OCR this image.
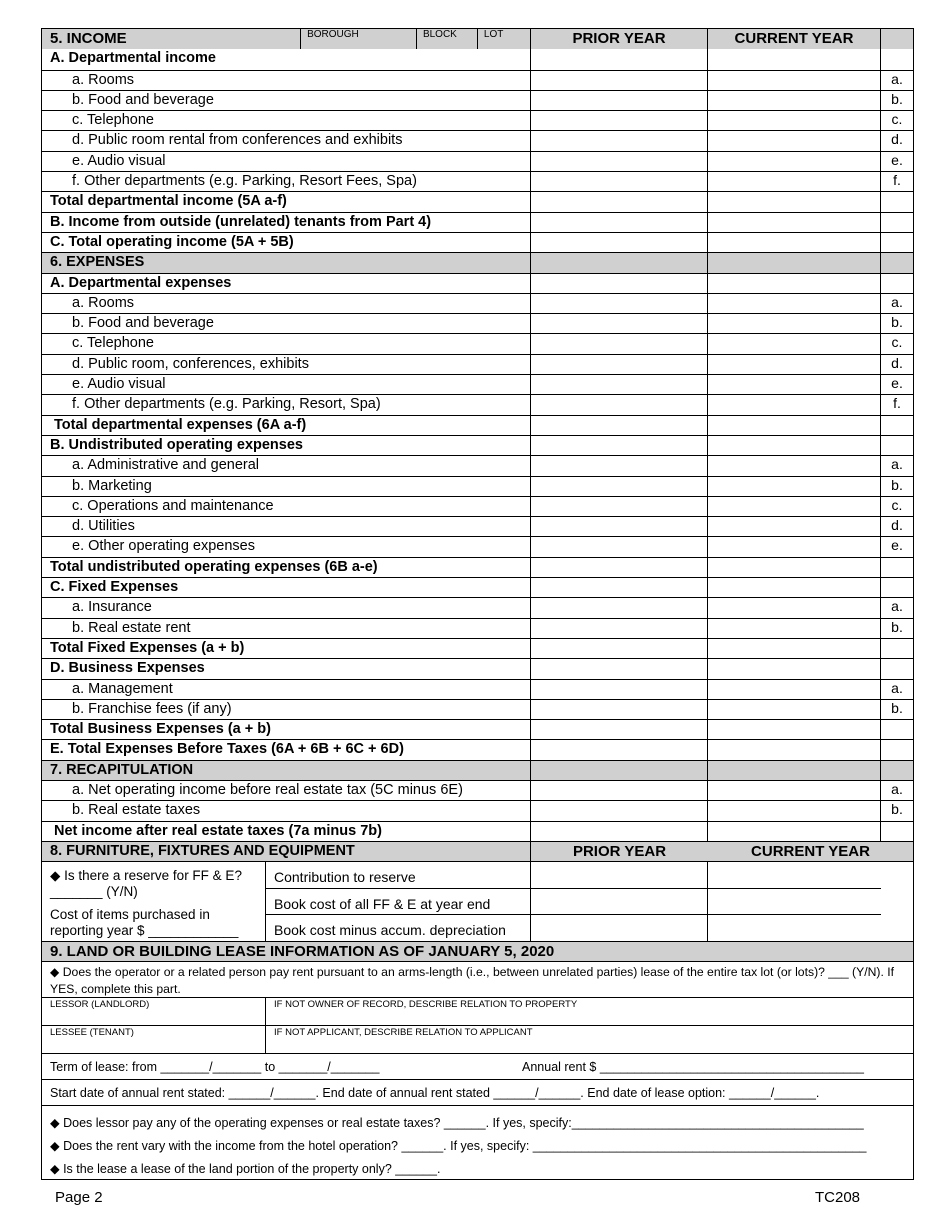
5. INCOME	BOROUGH	BLOCK	LOT	PRIOR YEAR	CURRENT YEAR
A. Departmental income
a. Rooms	a.
b. Food and beverage	b.
c. Telephone	c.
d. Public room rental from conferences and exhibits	d.
e. Audio visual	e.
f. Other departments (e.g. Parking, Resort Fees, Spa)	f.
Total departmental income (5A a-f)
B. Income from outside (unrelated) tenants from Part 4)
C. Total operating income (5A + 5B)
6. EXPENSES
A. Departmental expenses
a. Rooms	a.
b. Food and beverage	b.
c. Telephone	c.
d. Public room, conferences, exhibits	d.
e. Audio visual	e.
f. Other departments (e.g. Parking, Resort, Spa)	f.
Total departmental expenses (6A a-f)
B. Undistributed operating expenses
a. Administrative and general	a.
b. Marketing	b.
c. Operations and maintenance	c.
d. Utilities	d.
e. Other operating expenses	e.
Total undistributed operating expenses (6B a-e)
C. Fixed Expenses
a. Insurance	a.
b. Real estate rent	b.
Total Fixed Expenses (a + b)
D. Business Expenses
a. Management	a.
b. Franchise fees (if any)	b.
Total Business Expenses (a + b)
E. Total Expenses Before Taxes (6A + 6B + 6C + 6D)
7. RECAPITULATION
a. Net operating income before real estate tax (5C minus 6E)	a.
b. Real estate taxes	b.
Net income after real estate taxes (7a minus 7b)
8. FURNITURE, FIXTURES AND EQUIPMENT	PRIOR YEAR	CURRENT YEAR
◆ Is there a reserve for FF & E?
_______ (Y/N)
Cost of items purchased in
reporting year $ ____________
Contribution to reserve
Book cost of all FF & E at year end
Book cost minus accum. depreciation
9. LAND OR BUILDING LEASE INFORMATION AS OF JANUARY 5, 2020
◆ Does the operator or a related person pay rent pursuant to an arms-length (i.e., between unrelated parties) lease of the entire tax lot (or lots)? ___ (Y/N). If YES, complete this part.
LESSOR (LANDLORD)	IF NOT OWNER OF RECORD, DESCRIBE RELATION TO PROPERTY
LESSEE (TENANT)	IF NOT APPLICANT, DESCRIBE RELATION TO APPLICANT
Term of lease: from _______/_______ to _______/_______	Annual rent $ ______________________________________
Start date of annual rent stated: ______/______. End date of annual rent stated ______/______. End date of lease option: ______/______.
◆ Does lessor pay any of the operating expenses or real estate taxes? ______. If yes, specify:__________________________________________
◆ Does the rent vary with the income from the hotel operation? ______. If yes, specify: ________________________________________________
◆ Is the lease a lease of the land portion of the property only? ______.
Page 2	TC208
